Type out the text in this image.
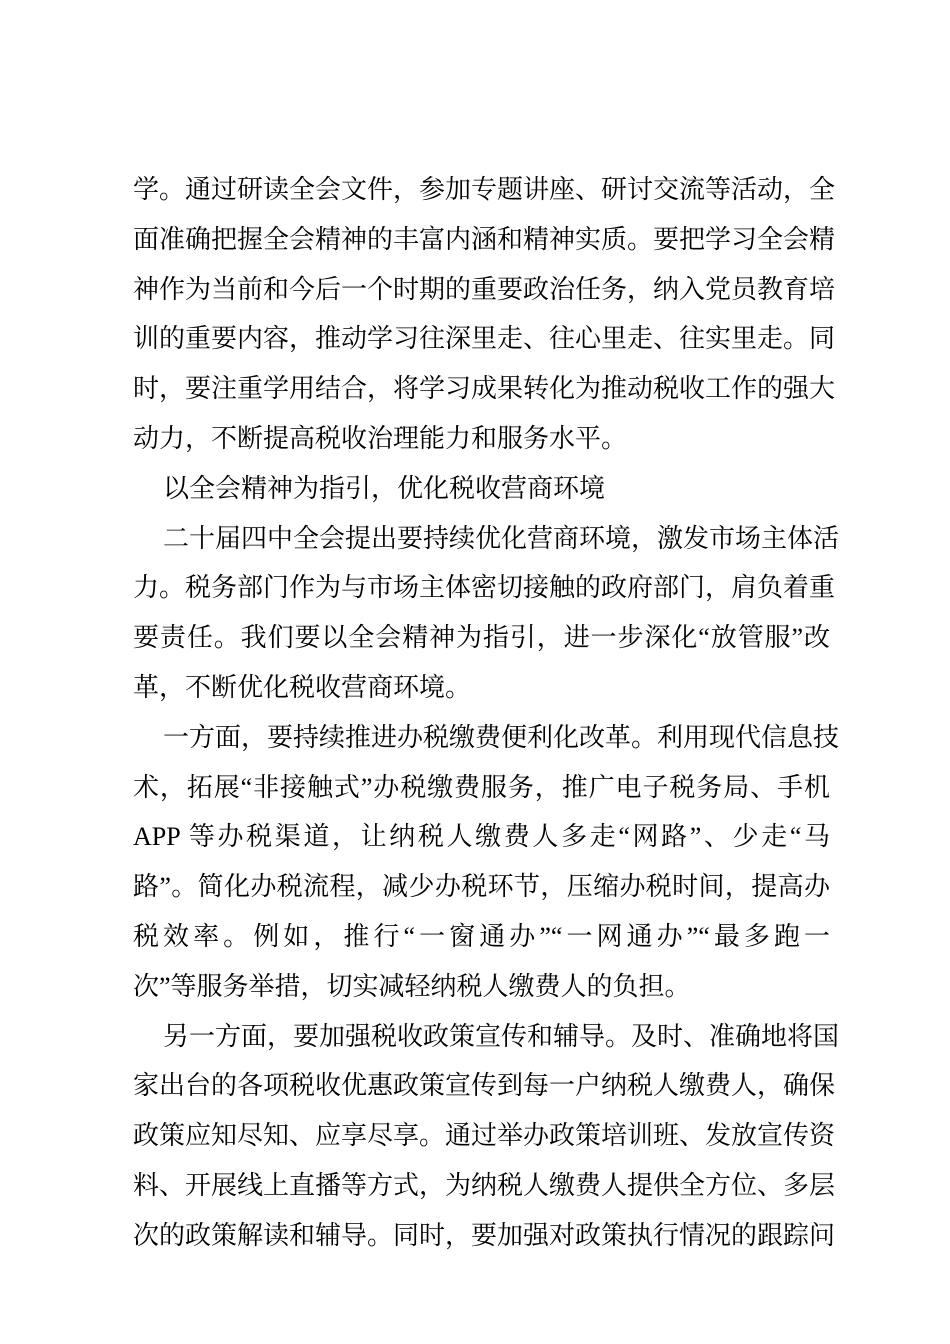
学。通过研读全会文件，参加专题讲座、研讨交流等活动，全
面准确把握全会精神的丰富内涵和精神实质。要把学习全会精
神作为当前和今后一个时期的重要政治任务，纳入党员教育培
训的重要内容，推动学习往深里走、往心里走、往实里走。同
时，要注重学用结合，将学习成果转化为推动税收工作的强大
动力，不断提高税收治理能力和服务水平。
以全会精神为指引，优化税收营商环境
二十届四中全会提出要持续优化营商环境，激发市场主体活
力。税务部门作为与市场主体密切接触的政府部门，肩负着重
要责任。我们要以全会精神为指引，进一步深化“放管服”改
革，不断优化税收营商环境。
一方面，要持续推进办税缴费便利化改革。利用现代信息技
术，拓展“非接触式”办税缴费服务，推广电子税务局、手机
APP 等办税渠道，让纳税人缴费人多走“网路”、少走“马
路”。简化办税流程，减少办税环节，压缩办税时间，提高办
税效率。例如，推行“一窗通办”“一网通办”“最多跑一
次”等服务举措，切实减轻纳税人缴费人的负担。
另一方面，要加强税收政策宣传和辅导。及时、准确地将国
家出台的各项税收优惠政策宣传到每一户纳税人缴费人，确保
政策应知尽知、应享尽享。通过举办政策培训班、发放宣传资
料、开展线上直播等方式，为纳税人缴费人提供全方位、多层
次的政策解读和辅导。同时，要加强对政策执行情况的跟踪问
